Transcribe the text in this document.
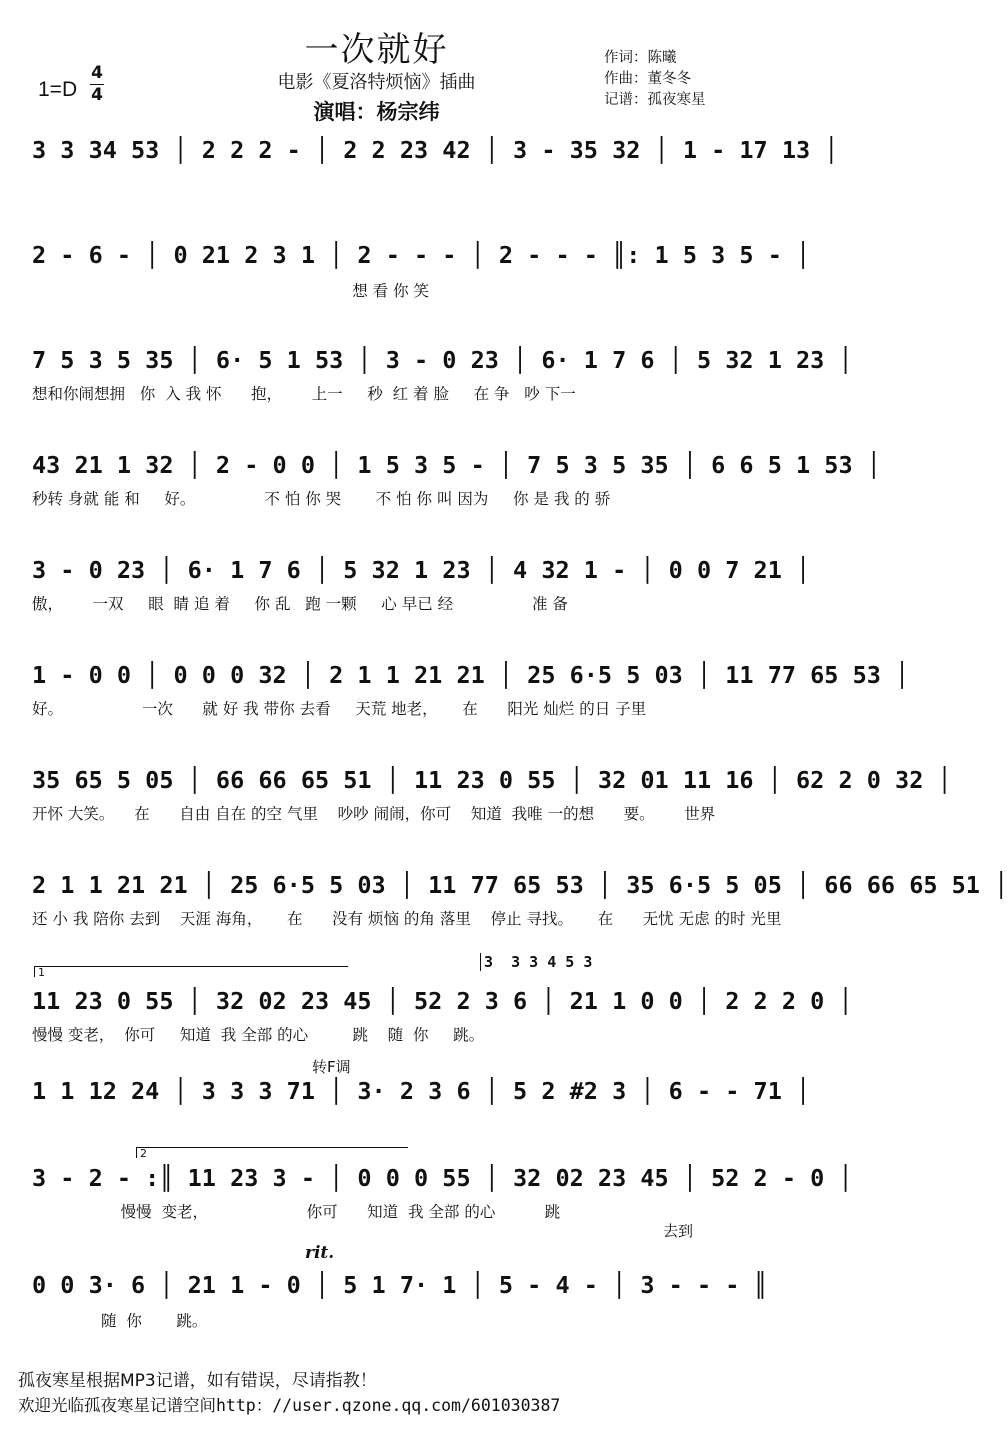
一次就好
电影《夏洛特烦恼》插曲
演唱：杨宗纬
1=D
4
4
作词：陈曦
作曲：董冬冬
记谱：孤夜寒星
3 3 34 53 │ 2 2 2 - │ 2 2 23 42 │ 3 - 35 32 │ 1 - 17 13 │
2 - 6 - │ 0 21 2 3 1 │ 2 - - - │ 2 - - - ║: 1 5 3 5 - │
想 看 你 笑
7 5 3 5 35 │ 6· 5 1 53 │ 3 - 0 23 │ 6· 1 7 6 │ 5 32 1 23 │
想和你闹想拥   你  入 我 怀      抱，      上一     秒  红 着 脸     在 争   吵 下一
43 21 1 32 │ 2 - 0 0 │ 1 5 3 5 - │ 7 5 3 5 35 │ 6 6 5 1 53 │
秒转 身就 能 和     好。              不 怕 你 哭       不 怕 你 叫 因为     你 是 我 的 骄
3 - 0 23 │ 6· 1 7 6 │ 5 32 1 23 │ 4 32 1 - │ 0 0 7 21 │
傲，      一双     眼  睛 追 着     你 乱   跑 一颗     心 早已 经                准 备
1 - 0 0 │ 0 0 0 32 │ 2 1 1 21 21 │ 25 6·5 5 03 │ 11 77 65 53 │
好。                一次      就 好 我 带你 去看     天荒 地老，     在      阳光 灿烂 的日 子里
35 65 5 05 │ 66 66 65 51 │ 11 23 0 55 │ 32 01 11 16 │ 62 2 0 32 │
开怀 大笑。    在      自由 自在 的空 气里    吵吵 闹闹，你可    知道  我唯 一的想      要。      世界
2 1 1 21 21 │ 25 6·5 5 03 │ 11 77 65 53 │ 35 6·5 5 05 │ 66 66 65 51 │
还 小 我 陪你 去到    天涯 海角，     在      没有 烦恼 的角 落里    停止 寻找。     在      无忧 无虑 的时 光里
1
3  3 3 4 5 3
11 23 0 55 │ 32 02 23 45 │ 52 2 3 6 │ 21 1 0 0 │ 2 2 2 0 │
慢慢 变老，  你可     知道  我 全部 的心         跳    随  你     跳。
转F调
1 1 12 24 │ 3 3 3 71 │ 3· 2 3 6 │ 5 2 #2 3 │ 6 - - 71 │
2
3 - 2 - :║ 11 23 3 - │ 0 0 0 55 │ 32 02 23 45 │ 52 2 - 0 │
慢慢  变老，                    你可      知道  我 全部 的心          跳
去到
rit.
0 0 3· 6 │ 21 1 - 0 │ 5 1 7· 1 │ 5 - 4 - │ 3 - - - ║
随  你       跳。
孤夜寒星根据MP3记谱，如有错误，尽请指教！
欢迎光临孤夜寒星记谱空间http：//user.qzone.qq.com/601030387
